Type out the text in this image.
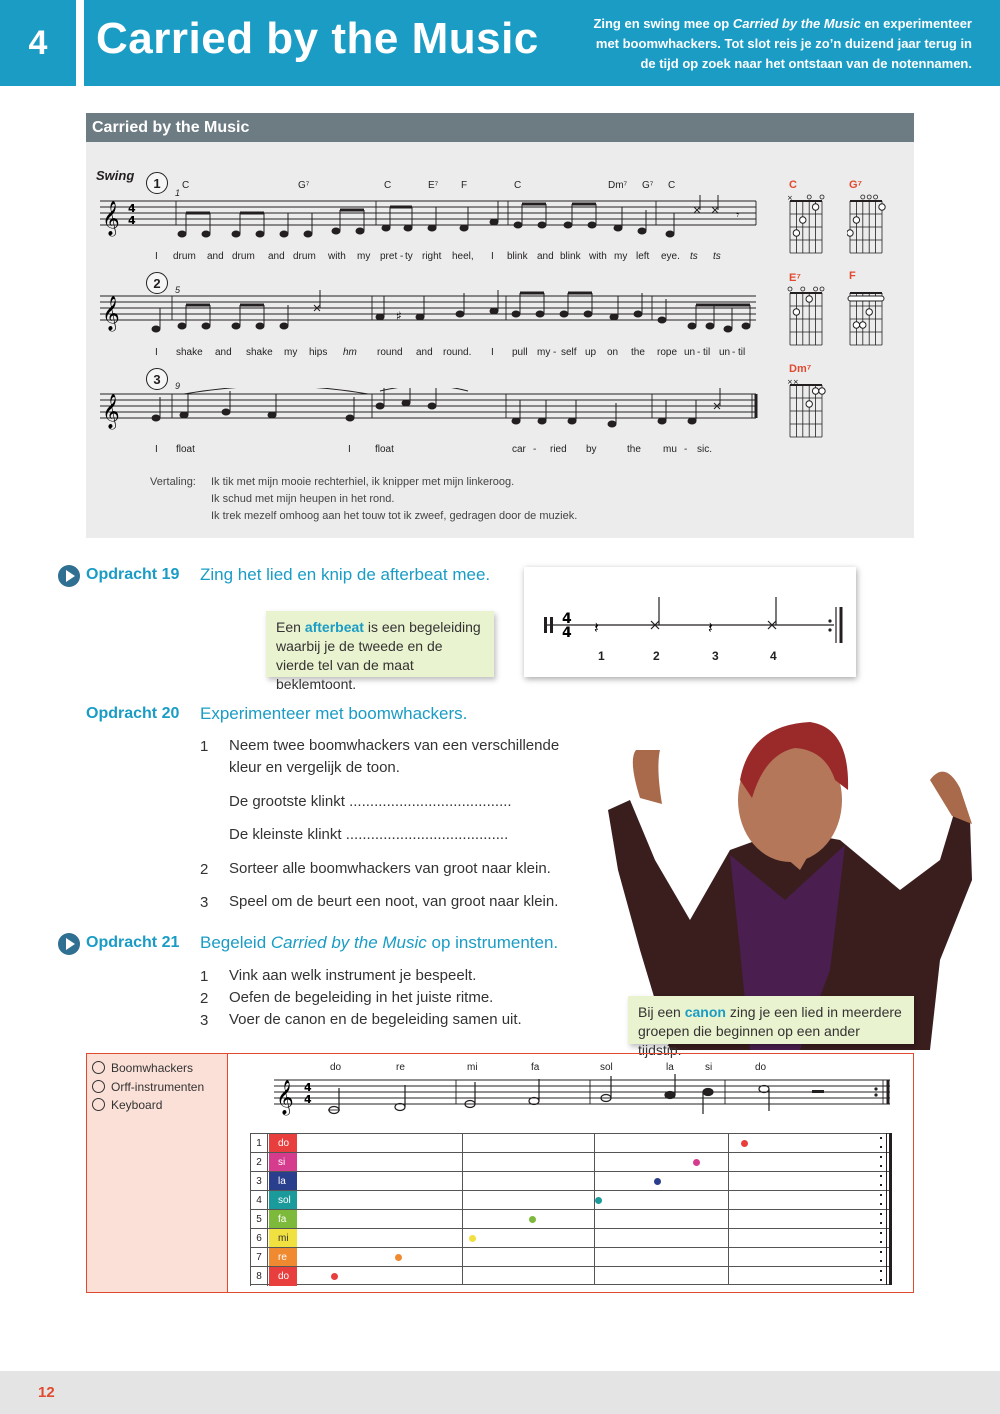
4	Carried by the Music	Zing en swing mee op Carried by the Music en experimenteer met boomwhackers. Tot slot reis je zo’n duizend jaar terug in de tijd op zoek naar het ontstaan van de notennamen.
Carried by the Music
Swing	1
1
2	5
3	9
C	G⁷	C	E⁷ F	C	Dm⁷ G⁷ C
𝄞 4
4	𝄾
I drum and drum and drum with my pret - ty right heel, I blink and blink with my left eye. ts ts
𝄞	♯
I shake and shake my hips hm round and round. I pull my - self up on the rope un - til un - til
𝄞
I float	I float	car - ried by	the mu - sic.
C	G⁷
E⁷	F
Dm⁷
×
××
Vertaling: Ik tik met mijn mooie rechterhiel, ik knipper met mijn linkeroog.
Ik schud met mijn heupen in het rond.
Ik trek mezelf omhoog aan het touw tot ik zweef, gedragen door de muziek.
Opdracht 19 Zing het lied en knip de afterbeat mee.
Een afterbeat is een begeleiding waarbij je de tweede en de vierde tel van de maat beklemtoont.
4
4 𝄽	𝄽
1	2	3	4
Opdracht 20 Experimenteer met boomwhackers.
1 Neem twee boomwhackers van een verschillende kleur en vergelijk de toon.
De grootste klinkt .......................................
De kleinste klinkt .......................................
2 Sorteer alle boomwhackers van groot naar klein.
3 Speel om de beurt een noot, van groot naar klein.
Opdracht 21 Begeleid Carried by the Music op instrumenten.
1 Vink aan welk instrument je bespeelt.
2 Oefen de begeleiding in het juiste ritme.
3 Voer de canon en de begeleiding samen uit.	Bij een canon zing je een lied in meerdere groepen die beginnen op een ander tijdstip.
Boomwhackers
Orff-instrumenten
Keyboard
do	re	mi	fa	sol	la	si	do
𝄞 4
4
1	do
2	si
3	la
4	sol
5	fa
6	mi
7	re
8	do
12
